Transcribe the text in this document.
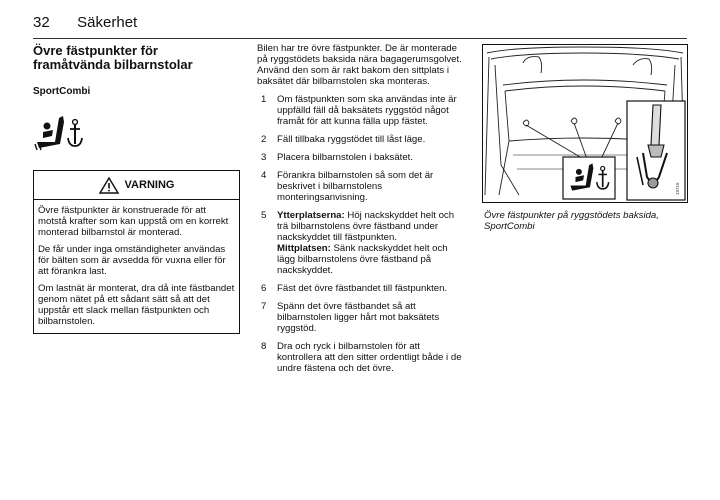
32 Säkerhet

Övre fästpunkter för
framåtvända bilbarnstolar

SportCombi
VARNING

Övre fästpunkter är konstruerade för att motstå krafter som kan uppstå om en korrekt monterad bilbarnstol är monterad.

De får under inga omständigheter användas för bälten som är avsedda för vuxna eller för att förankra last.

Om lastnät är monterat, dra då inte fästbandet genom nätet på ett sådant sätt så att det uppstår ett slack mellan fästpunkten och bilbarnstolen.

Bilen har tre övre fästpunkter. De är monterade på ryggstödets baksida nära bagagerumsgolvet. Använd den som är rakt bakom den sittplats i baksätet där bilbarnstolen ska monteras.

1	Om fästpunkten som ska användas inte är uppfälld fäll då baksätets ryggstöd något framåt för att kunna fälla upp fästet.
2	Fäll tillbaka ryggstödet till låst läge.
3	Placera bilbarnstolen i baksätet.
4	Förankra bilbarnstolen så som det är beskrivet i bilbarnstolens monteringsanvisning.
5	Ytterplatserna: Höj nackskyddet helt och trä bilbarnstolens övre fästband under nackskyddet till fästpunkten.
Mittplatsen: Sänk nackskyddet helt och lägg bilbarnstolens övre fästband på nackskyddet.
6	Fäst det övre fästbandet till fästpunkten.
7	Spänn det övre fästbandet så att bilbarnstolen ligger hårt mot baksätets ryggstöd.
8	Dra och ryck i bilbarnstolen för att kontrollera att den sitter ordentligt både i de undre fästena och det övre.
19716
Övre fästpunkter på ryggstödets baksida, SportCombi
